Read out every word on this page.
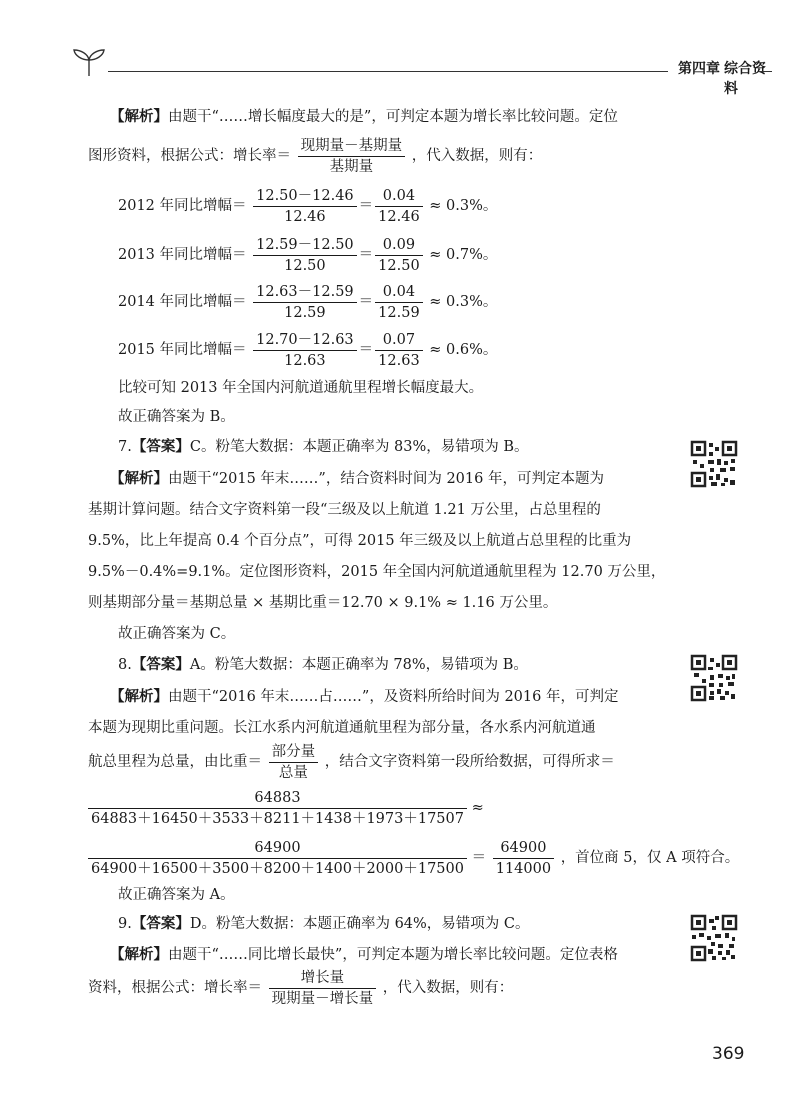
第四章 综合资料
【解析】由题干“……增长幅度最大的是”，可判定本题为增长率比较问题。定位
图形资料，根据公式：增长率＝ $\frac{\text{现期量－基期量}}{\text{基期量}}$ ，代入数据，则有：
2012 年同比增幅＝ $\frac{12.50-12.46}{12.46} = \frac{0.04}{12.46} \approx 0.3\%$。
2013 年同比增幅＝ $\frac{12.59-12.50}{12.50} = \frac{0.09}{12.50} \approx 0.7\%$。
2014 年同比增幅＝ $\frac{12.63-12.59}{12.59} = \frac{0.04}{12.59} \approx 0.3\%$。
2015 年同比增幅＝ $\frac{12.70-12.63}{12.63} = \frac{0.07}{12.63} \approx 0.6\%$。
比较可知 2013 年全国内河航道通航里程增长幅度最大。
故正确答案为 B。
7.【答案】C。粉笔大数据：本题正确率为 83%，易错项为 B。
【解析】由题干“2015 年末……”，结合资料时间为 2016 年，可判定本题为
基期计算问题。结合文字资料第一段“三级及以上航道 1.21 万公里，占总里程的
9.5%，比上年提高 0.4 个百分点”，可得 2015 年三级及以上航道占总里程的比重为
9.5%－0.4%=9.1%。定位图形资料，2015 年全国内河航道通航里程为 12.70 万公里，
则基期部分量＝基期总量 × 基期比重＝12.70 × 9.1% ≈ 1.16 万公里。
故正确答案为 C。
8.【答案】A。粉笔大数据：本题正确率为 78%，易错项为 B。
【解析】由题干“2016 年末……占……”，及资料所给时间为 2016 年，可判定
本题为现期比重问题。长江水系内河航道通航里程为部分量，各水系内河航道通
航总里程为总量，由比重＝ $\frac{\text{部分量}}{\text{总量}}$ ，结合文字资料第一段所给数据，可得所求＝
$\frac{64883}{64883+16450+3533+8211+1438+1973+17507}$ ≈
$\frac{64900}{64900+16500+3500+8200+1400+2000+17500} = \frac{64900}{114000}$ ，首位商 5，仅 A 项符合。
故正确答案为 A。
9.【答案】D。粉笔大数据：本题正确率为 64%，易错项为 C。
【解析】由题干“……同比增长最快”，可判定本题为增长率比较问题。定位表格
资料，根据公式：增长率＝ $\frac{\text{增长量}}{\text{现期量－增长量}}$ ，代入数据，则有：
369
